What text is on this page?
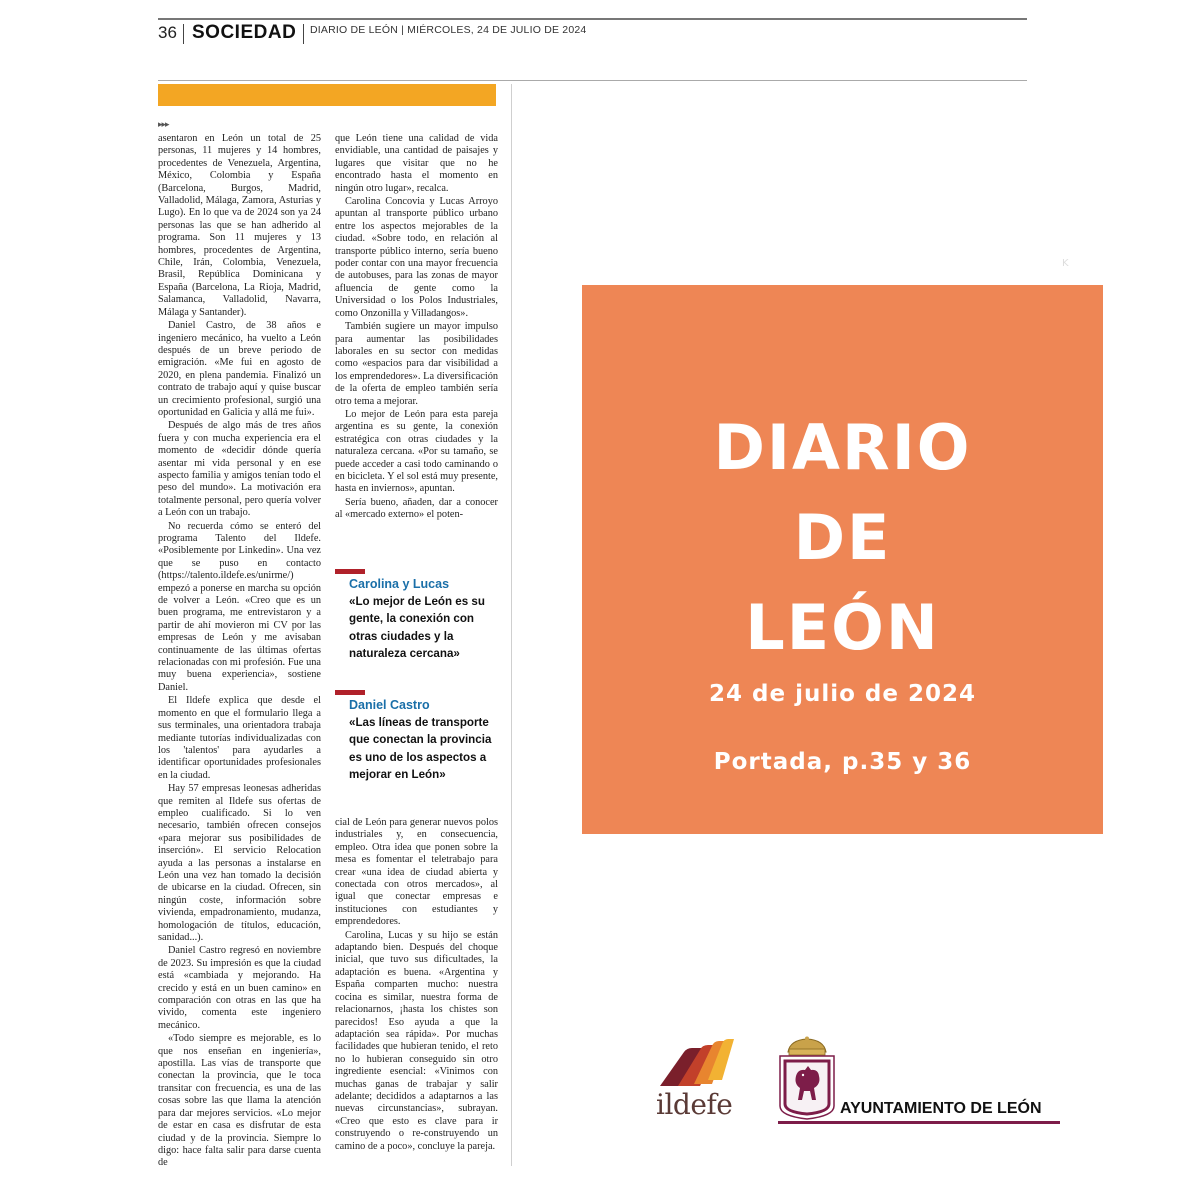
36 SOCIEDAD DIARIO DE LEÓN | MIÉRCOLES, 24 DE JULIO DE 2024
▸▸▸

asentaron en León un total de 25 personas, 11 mujeres y 14 hombres, procedentes de Venezuela, Argentina, México, Colombia y España (Barcelona, Burgos, Madrid, Valladolid, Málaga, Zamora, Asturias y Lugo). En lo que va de 2024 son ya 24 personas las que se han adherido al programa. Son 11 mujeres y 13 hombres, procedentes de Argentina, Chile, Irán, Colombia, Venezuela, Brasil, República Dominicana y España (Barcelona, La Rioja, Madrid, Salamanca, Valladolid, Navarra, Málaga y Santander).

Daniel Castro, de 38 años e ingeniero mecánico, ha vuelto a León después de un breve periodo de emigración. «Me fui en agosto de 2020, en plena pandemia. Finalizó un contrato de trabajo aquí y quise buscar un crecimiento profesional, surgió una oportunidad en Galicia y allá me fui».

Después de algo más de tres años fuera y con mucha experiencia era el momento de «decidir dónde quería asentar mi vida personal y en ese aspecto familia y amigos tenían todo el peso del mundo». La motivación era totalmente personal, pero quería volver a León con un trabajo.

No recuerda cómo se enteró del programa Talento del Ildefe. «Posiblemente por Linkedin». Una vez que se puso en contacto (https://talento.ildefe.es/unirme/) empezó a ponerse en marcha su opción de volver a León. «Creo que es un buen programa, me entrevistaron y a partir de ahí movieron mi CV por las empresas de León y me avisaban continuamente de las últimas ofertas relacionadas con mi profesión. Fue una muy buena experiencia», sostiene Daniel.

El Ildefe explica que desde el momento en que el formulario llega a sus terminales, una orientadora trabaja mediante tutorías individualizadas con los 'talentos' para ayudarles a identificar oportunidades profesionales en la ciudad.

Hay 57 empresas leonesas adheridas que remiten al Ildefe sus ofertas de empleo cualificado. Si lo ven necesario, también ofrecen consejos «para mejorar sus posibilidades de inserción». El servicio Relocation ayuda a las personas a instalarse en León una vez han tomado la decisión de ubicarse en la ciudad. Ofrecen, sin ningún coste, información sobre vivienda, empadronamiento, mudanza, homologación de títulos, educación, sanidad...).

Daniel Castro regresó en noviembre de 2023. Su impresión es que la ciudad está «cambiada y mejorando. Ha crecido y está en un buen camino» en comparación con otras en las que ha vivido, comenta este ingeniero mecánico.

«Todo siempre es mejorable, es lo que nos enseñan en ingeniería», apostilla. Las vías de transporte que conectan la provincia, que le toca transitar con frecuencia, es una de las cosas sobre las que llama la atención para dar mejores servicios. «Lo mejor de estar en casa es disfrutar de esta ciudad y de la provincia. Siempre lo digo: hace falta salir para darse cuenta de

que León tiene una calidad de vida envidiable, una cantidad de paisajes y lugares que visitar que no he encontrado hasta el momento en ningún otro lugar», recalca.

Carolina Concovia y Lucas Arroyo apuntan al transporte público urbano entre los aspectos mejorables de la ciudad. «Sobre todo, en relación al transporte público interno, sería bueno poder contar con una mayor frecuencia de autobuses, para las zonas de mayor afluencia de gente como la Universidad o los Polos Industriales, como Onzonilla y Villadangos».

También sugiere un mayor impulso para aumentar las posibilidades laborales en su sector con medidas como «espacios para dar visibilidad a los emprendedores». La diversificación de la oferta de empleo también sería otro tema a mejorar.

Lo mejor de León para esta pareja argentina es su gente, la conexión estratégica con otras ciudades y la naturaleza cercana. «Por su tamaño, se puede acceder a casi todo caminando o en bicicleta. Y el sol está muy presente, hasta en inviernos», apuntan.

Sería bueno, añaden, dar a conocer al «mercado externo» el poten-

Carolina y Lucas
«Lo mejor de León es su gente, la conexión con otras ciudades y la naturaleza cercana»
Daniel Castro
«Las líneas de transporte que conectan la provincia es uno de los aspectos a mejorar en León»

cial de León para generar nuevos polos industriales y, en consecuencia, empleo. Otra idea que ponen sobre la mesa es fomentar el teletrabajo para crear «una idea de ciudad abierta y conectada con otros mercados», al igual que conectar empresas e instituciones con estudiantes y emprendedores.

Carolina, Lucas y su hijo se están adaptando bien. Después del choque inicial, que tuvo sus dificultades, la adaptación es buena. «Argentina y España comparten mucho: nuestra cocina es similar, nuestra forma de relacionarnos, ¡hasta los chistes son parecidos! Eso ayuda a que la adaptación sea rápida». Por muchas facilidades que hubieran tenido, el reto no lo hubieran conseguido sin otro ingrediente esencial: «Vinimos con muchas ganas de trabajar y salir adelante; decididos a adaptarnos a las nuevas circunstancias», subrayan. «Creo que esto es clave para ir construyendo o re-construyendo un camino de a poco», concluye la pareja.

K
DIARIO
DE
LEÓN
24 de julio de 2024
Portada, p.35 y 36
ildefe	AYUNTAMIENTO DE LEÓN
